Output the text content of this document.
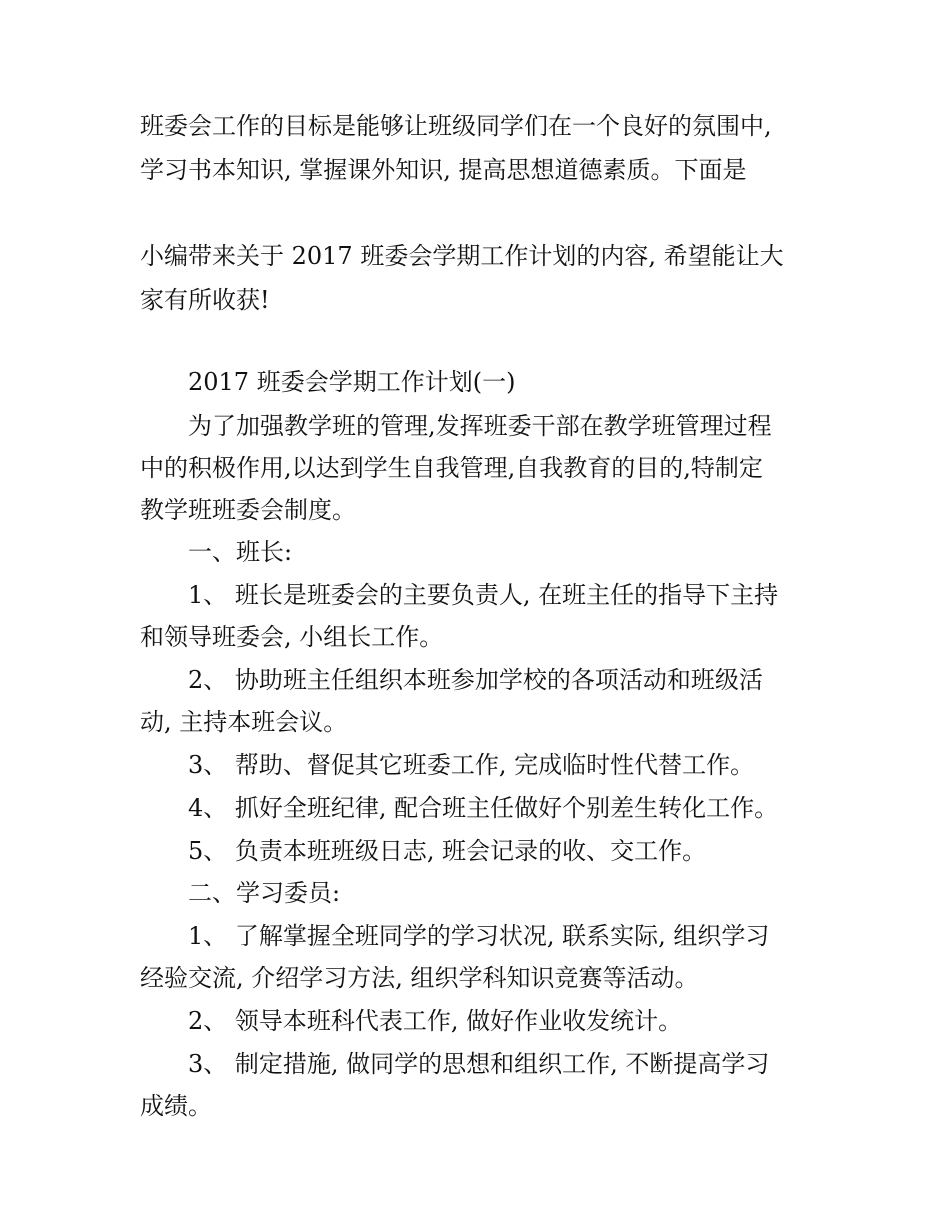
班委会工作的目标是能够让班级同学们在一个良好的氛围中,

学习书本知识, 掌握课外知识, 提高思想道德素质。下面是

小编带来关于 2017 班委会学期工作计划的内容, 希望能让大

家有所收获!

2017 班委会学期工作计划(一)

为了加强教学班的管理,发挥班委干部在教学班管理过程

中的积极作用,以达到学生自我管理,自我教育的目的,特制定

教学班班委会制度。

一、班长:

1、 班长是班委会的主要负责人, 在班主任的指导下主持

和领导班委会, 小组长工作。

2、 协助班主任组织本班参加学校的各项活动和班级活

动, 主持本班会议。

3、 帮助、督促其它班委工作, 完成临时性代替工作。

4、 抓好全班纪律, 配合班主任做好个别差生转化工作。

5、 负责本班班级日志, 班会记录的收、交工作。

二、学习委员:

1、 了解掌握全班同学的学习状况, 联系实际, 组织学习

经验交流, 介绍学习方法, 组织学科知识竞赛等活动。

2、 领导本班科代表工作, 做好作业收发统计。

3、 制定措施, 做同学的思想和组织工作, 不断提高学习

成绩。
